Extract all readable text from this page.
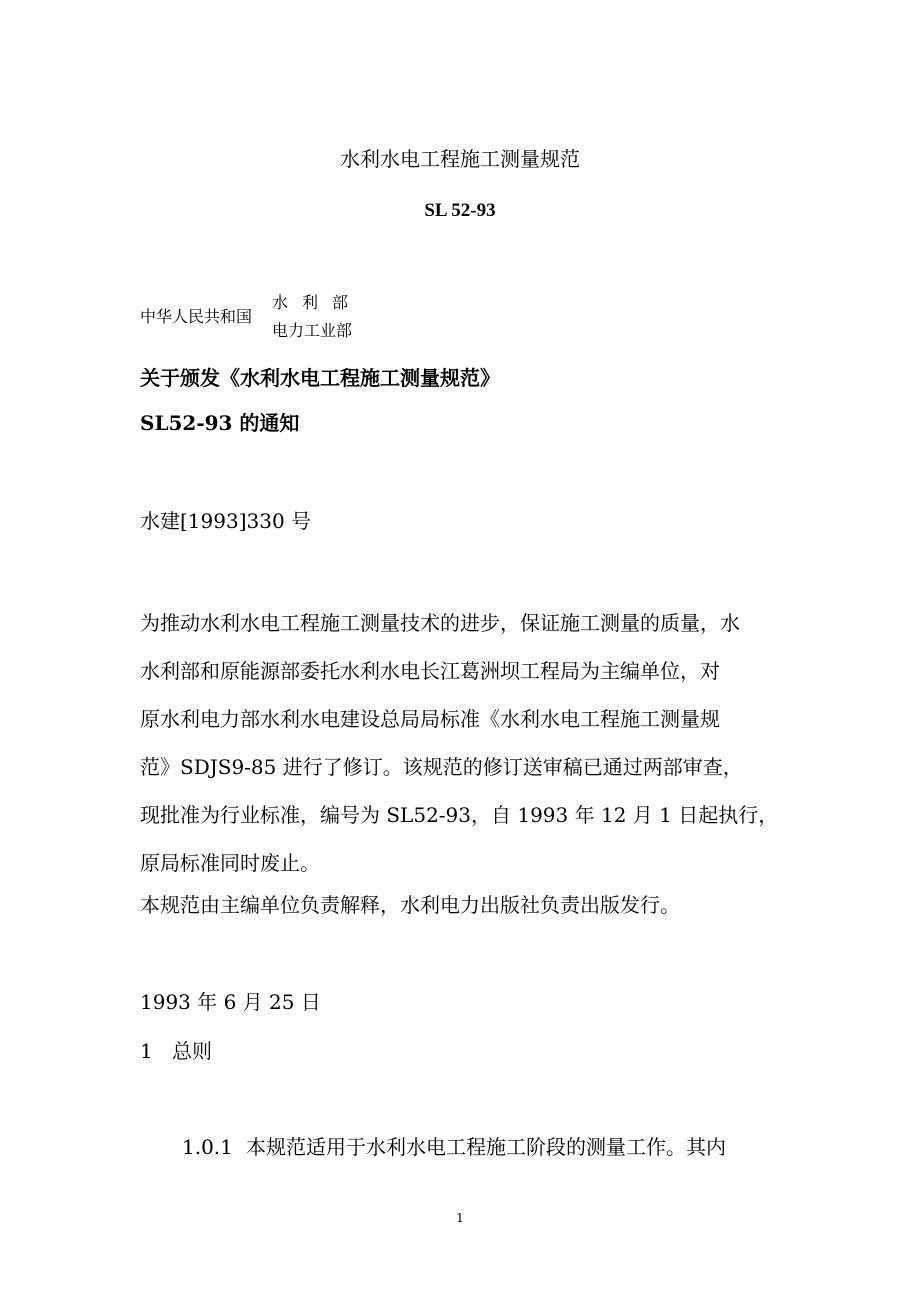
水利水电工程施工测量规范
SL 52-93
中华人民共和国
水利部
电力工业部
关于颁发《水利水电工程施工测量规范》
SL52-93 的通知
水建[1993]330 号
为推动水利水电工程施工测量技术的进步，保证施工测量的质量，水
水利部和原能源部委托水利水电长江葛洲坝工程局为主编单位，对
原水利电力部水利水电建设总局局标准《水利水电工程施工测量规
范》SDJS9-85 进行了修订。该规范的修订送审稿已通过两部审查，
现批准为行业标准，编号为 SL52-93，自 1993 年 12 月 1 日起执行，
原局标准同时废止。
本规范由主编单位负责解释，水利电力出版社负责出版发行。
1993 年 6 月 25 日
1 总则
1.0.1 本规范适用于水利水电工程施工阶段的测量工作。其内
1
